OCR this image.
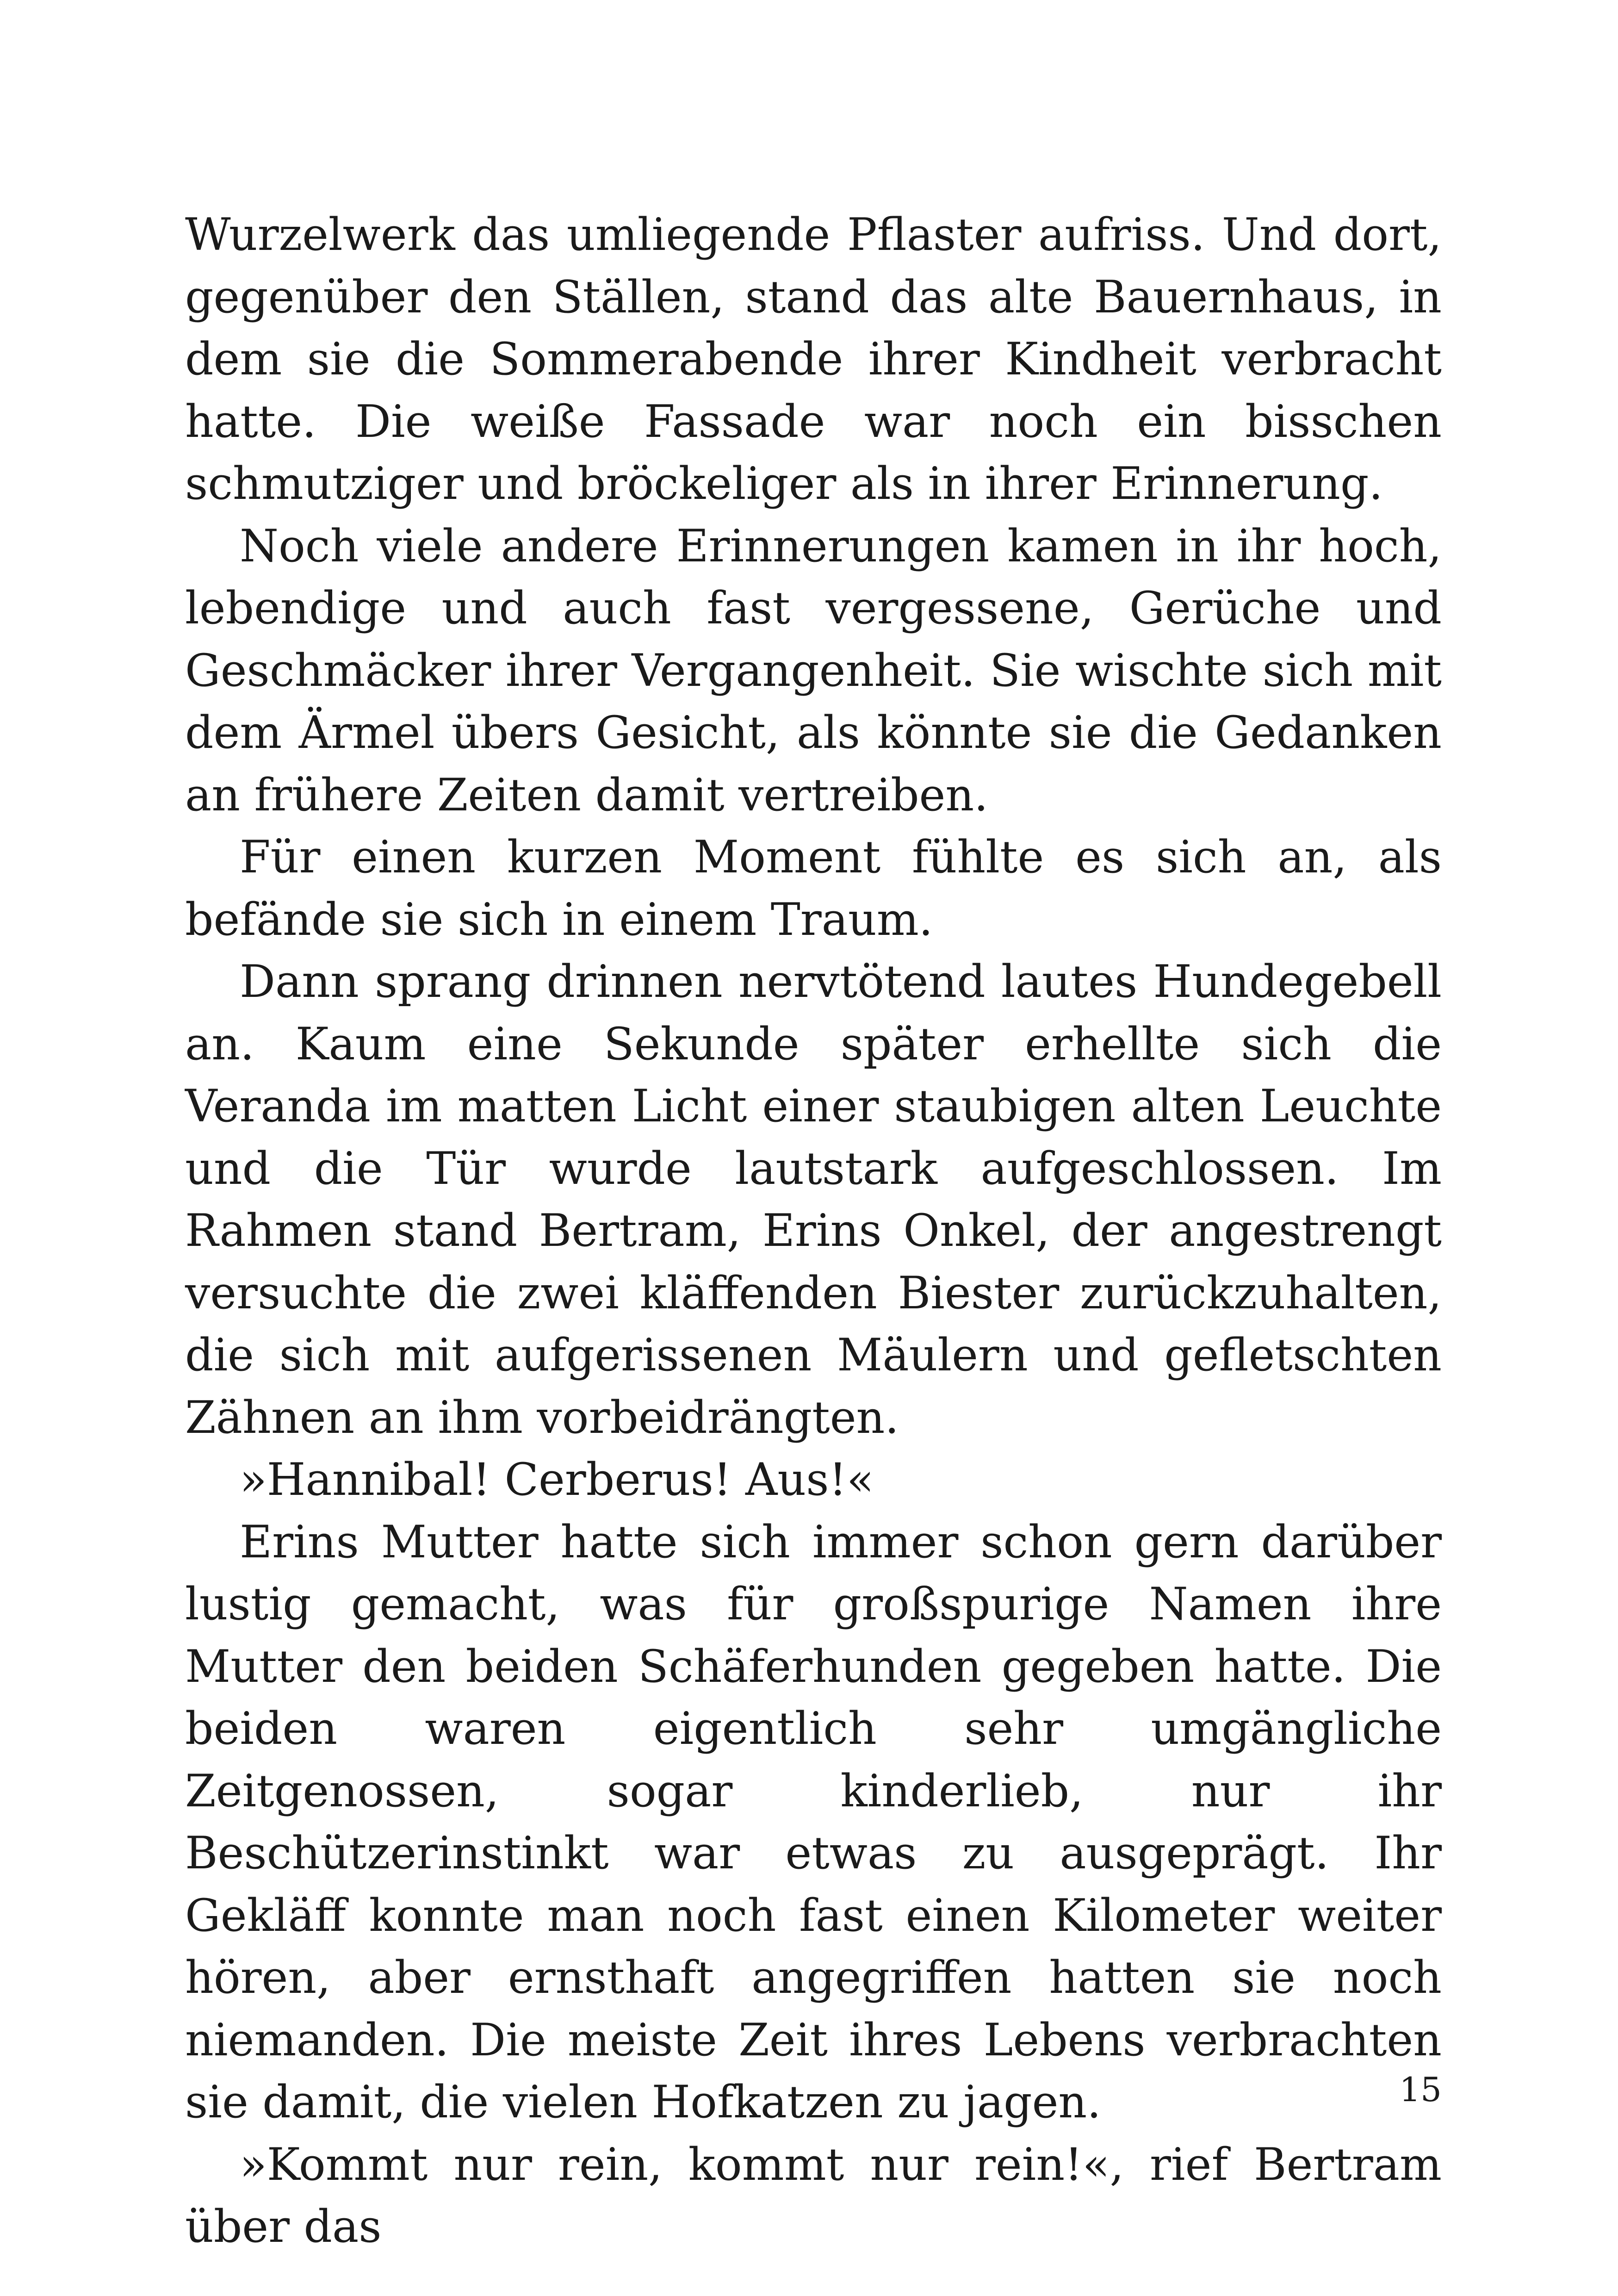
Wurzelwerk das umliegende Pflaster aufriss. Und dort, gegenüber den Ställen, stand das alte Bauernhaus, in dem sie die Sommerabende ihrer Kindheit verbracht hatte. Die weiße Fassade war noch ein bisschen schmutziger und bröckeliger als in ihrer Erinnerung.

Noch viele andere Erinnerungen kamen in ihr hoch, lebendige und auch fast vergessene, Gerüche und Geschmäcker ihrer Vergangenheit. Sie wischte sich mit dem Ärmel übers Gesicht, als könnte sie die Gedanken an frühere Zeiten damit vertreiben.

Für einen kurzen Moment fühlte es sich an, als befände sie sich in einem Traum.

Dann sprang drinnen nervtötend lautes Hundegebell an. Kaum eine Sekunde später erhellte sich die Veranda im matten Licht einer staubigen alten Leuchte und die Tür wurde lautstark aufgeschlossen. Im Rahmen stand Bertram, Erins Onkel, der angestrengt versuchte die zwei kläffenden Biester zurückzuhalten, die sich mit aufgerissenen Mäulern und gefletschten Zähnen an ihm vorbeidrängten.

»Hannibal! Cerberus! Aus!«

Erins Mutter hatte sich immer schon gern darüber lustig gemacht, was für großspurige Namen ihre Mutter den beiden Schäferhunden gegeben hatte. Die beiden waren eigentlich sehr umgängliche Zeitgenossen, sogar kinderlieb, nur ihr Beschützerinstinkt war etwas zu ausgeprägt. Ihr Gekläff konnte man noch fast einen Kilometer weiter hören, aber ernsthaft angegriffen hatten sie noch niemanden. Die meiste Zeit ihres Lebens verbrachten sie damit, die vielen Hofkatzen zu jagen.

»Kommt nur rein, kommt nur rein!«, rief Bertram über das

15
